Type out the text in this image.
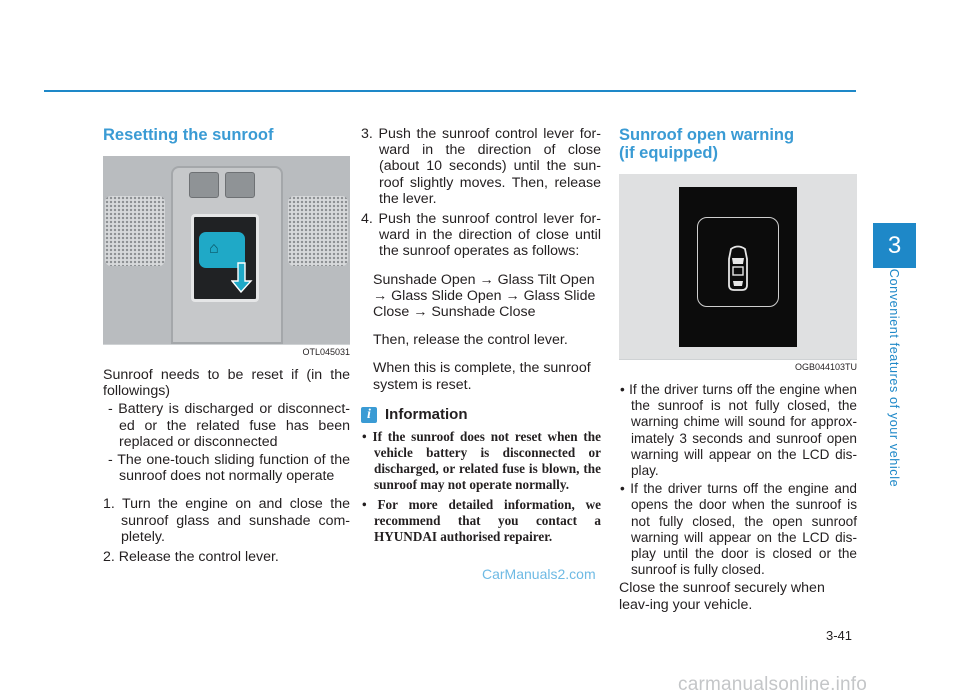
Resetting the sunroof
⌂
OTL045031
Sunroof needs to be reset if (in the followings)
- Battery is discharged or disconnect-ed or the related fuse has been replaced or disconnected
- The one-touch sliding function of the sunroof does not normally operate
1. Turn the engine on and close the sunroof glass and sunshade com-pletely.
2. Release the control lever.
3. Push the sunroof control lever for-ward in the direction of close (about 10 seconds) until the sun-roof slightly moves. Then, release the lever.
4. Push the sunroof control lever for-ward in the direction of close until the sunroof operates as follows:
Sunshade Open → Glass Tilt Open → Glass Slide Open → Glass Slide Close → Sunshade Close
Then, release the control lever.
When this is complete, the sunroof system is reset.
i Information
• If the sunroof does not reset when the vehicle battery is disconnected or discharged, or related fuse is blown, the sunroof may not operate normally.
• For more detailed information, we recommend that you contact a HYUNDAI authorised repairer.
CarManuals2.com
Sunroof open warning
(if equipped)
OGB044103TU
• If the driver turns off the engine when the sunroof is not fully closed, the warning chime will sound for approx-imately 3 seconds and sunroof open warning will appear on the LCD dis-play.
• If the driver turns off the engine and opens the door when the sunroof is not fully closed, the open sunroof warning will appear on the LCD dis-play until the door is closed or the sunroof is fully closed.
Close the sunroof securely when leav-ing your vehicle.
3
Convenient features of your vehicle
3-41
carmanualsonline.info
